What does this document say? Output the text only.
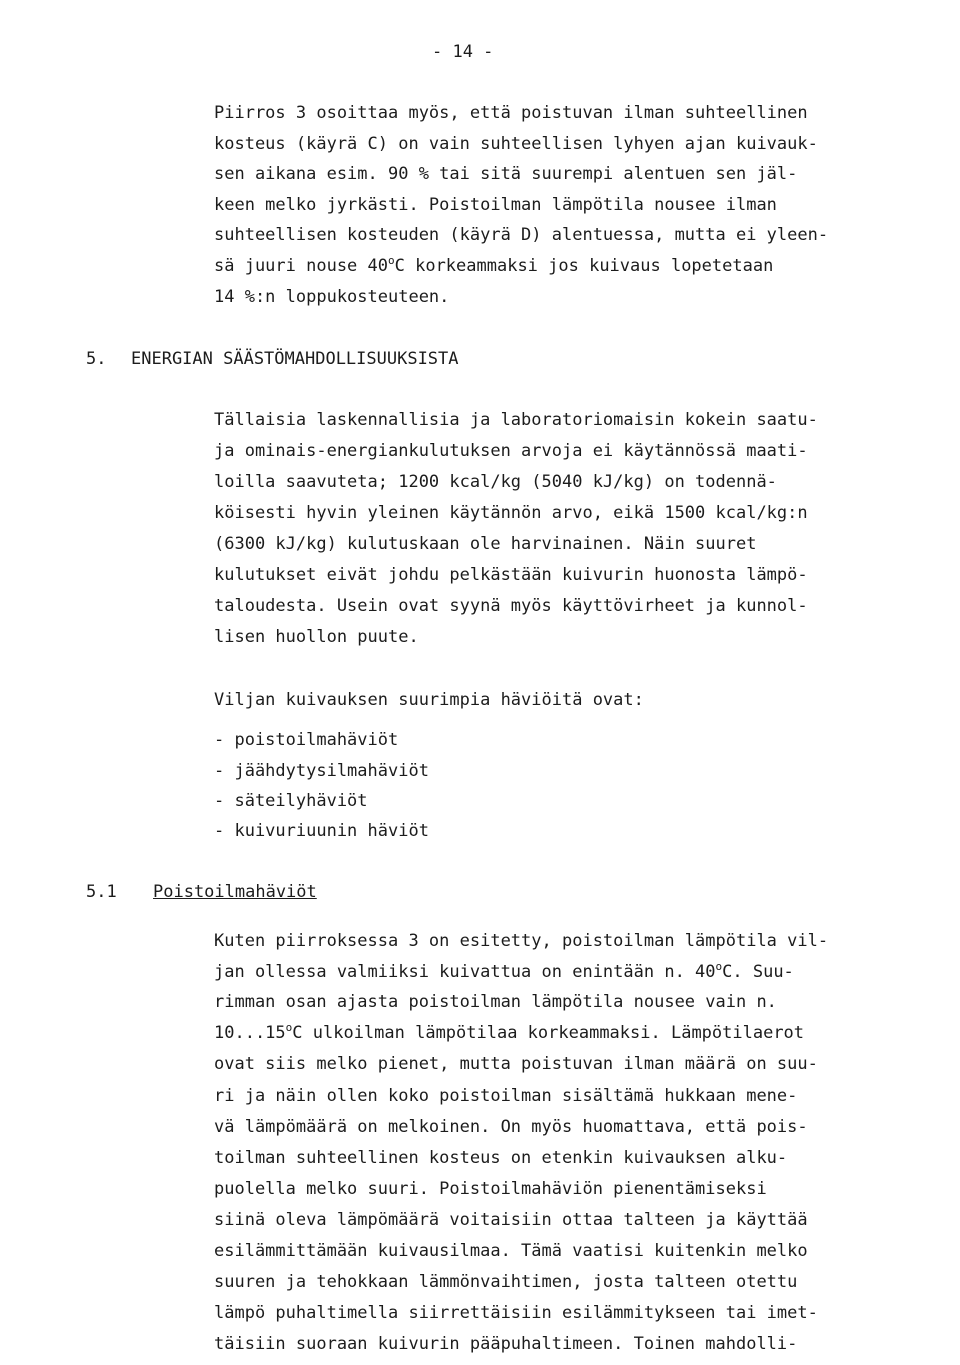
- 14 -
Piirros 3 osoittaa myös, että poistuvan ilman suhteellinen
kosteus (käyrä C) on vain suhteellisen lyhyen ajan kuivauk-
sen aikana esim. 90 % tai sitä suurempi alentuen sen jäl-
keen melko jyrkästi. Poistoilman lämpötila nousee ilman
suhteellisen kosteuden (käyrä D) alentuessa, mutta ei yleen-
sä juuri nouse 40$^o$C korkeammaksi jos kuivaus lopetetaan
14 %:n loppukosteuteen.
5. ENERGIAN SÄÄSTÖMAHDOLLISUUKSISTA
Tällaisia laskennallisia ja laboratoriomaisin kokein saatu-
ja ominais-energiankulutuksen arvoja ei käytännössä maati-
loilla saavuteta; 1200 kcal/kg (5040 kJ/kg) on todennä-
köisesti hyvin yleinen käytännön arvo, eikä 1500 kcal/kg:n
(6300 kJ/kg) kulutuskaan ole harvinainen. Näin suuret
kulutukset eivät johdu pelkästään kuivurin huonosta lämpö-
taloudesta. Usein ovat syynä myös käyttövirheet ja kunnol-
lisen huollon puute.
Viljan kuivauksen suurimpia häviöitä ovat:
- poistoilmahäviöt
- jäähdytysilmahäviöt
- säteilyhäviöt
- kuivuriuunin häviöt
5.1 Poistoilmahäviöt
Kuten piirroksessa 3 on esitetty, poistoilman lämpötila vil-
jan ollessa valmiiksi kuivattua on enintään n. 40$^o$C. Suu-
rimman osan ajasta poistoilman lämpötila nousee vain n.
10...15$^o$C ulkoilman lämpötilaa korkeammaksi. Lämpötilaerot
ovat siis melko pienet, mutta poistuvan ilman määrä on suu-
ri ja näin ollen koko poistoilman sisältämä hukkaan mene-
vä lämpömäärä on melkoinen. On myös huomattava, että pois-
toilman suhteellinen kosteus on etenkin kuivauksen alku-
puolella melko suuri. Poistoilmahäviön pienentämiseksi
siinä oleva lämpömäärä voitaisiin ottaa talteen ja käyttää
esilämmittämään kuivausilmaa. Tämä vaatisi kuitenkin melko
suuren ja tehokkaan lämmönvaihtimen, josta talteen otettu
lämpö puhaltimella siirrettäisiin esilämmitykseen tai imet-
täisiin suoraan kuivurin pääpuhaltimeen. Toinen mahdolli-
